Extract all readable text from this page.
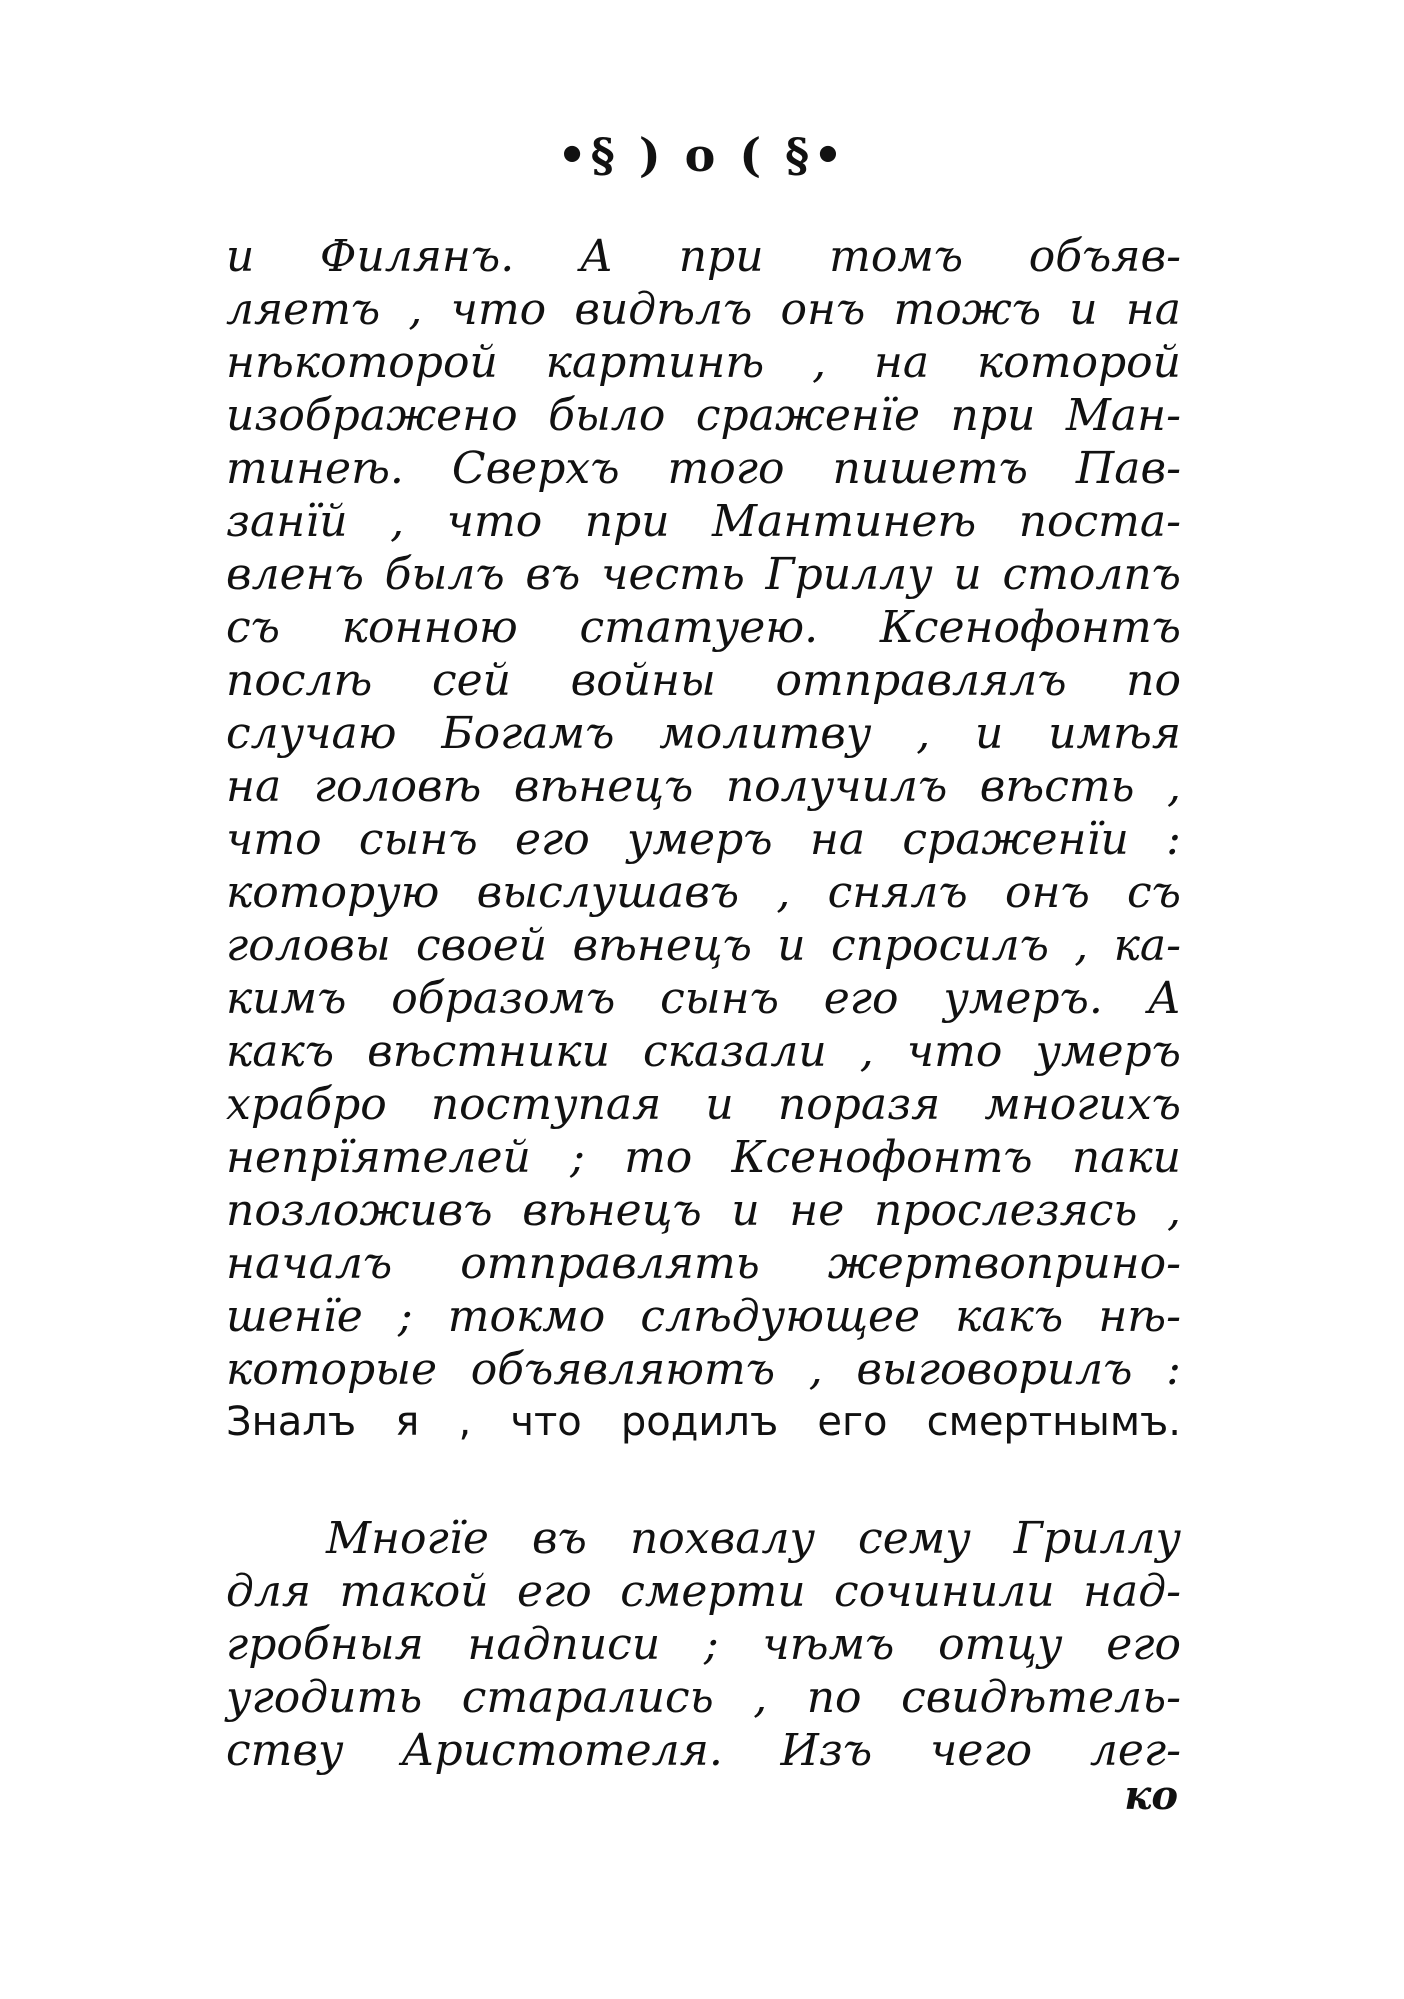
•§ ) o ( §•
и Филянъ. А при томъ объяв-
ляетъ , что видѣлъ онъ тожъ и на
нѣкоторой картинѣ , на которой
изображено было сраженїе при Ман-
тинеѣ. Сверхъ того пишетъ Пав-
занїй , что при Мантинеѣ поста-
вленъ былъ въ честь Гриллу и столпъ
съ конною статуею. Ксенофонтъ
послѣ сей войны отправлялъ по
случаю Богамъ молитву , и имѣя
на головѣ вѣнецъ получилъ вѣсть ,
что сынъ его умеръ на сраженїи :
которую выслушавъ , снялъ онъ съ
головы своей вѣнецъ и спросилъ , ка-
кимъ образомъ сынъ его умеръ. А
какъ вѣстники сказали , что умеръ
храбро поступая и поразя многихъ
непрїятелей ; то Ксенофонтъ паки
позложивъ вѣнецъ и не прослезясь ,
началъ отправлять жертвоприно-
шенїе ; токмо слѣдующее какъ нѣ-
которые объявляютъ , выговорилъ :
Зналъ я , что родилъ его смертнымъ.
Многїе въ похвалу сему Гриллу
для такой его смерти сочинили над-
гробныя надписи ; чѣмъ отцу его
угодить старались , по свидѣтель-
ству Аристотеля. Изъ чего лег-
ко
